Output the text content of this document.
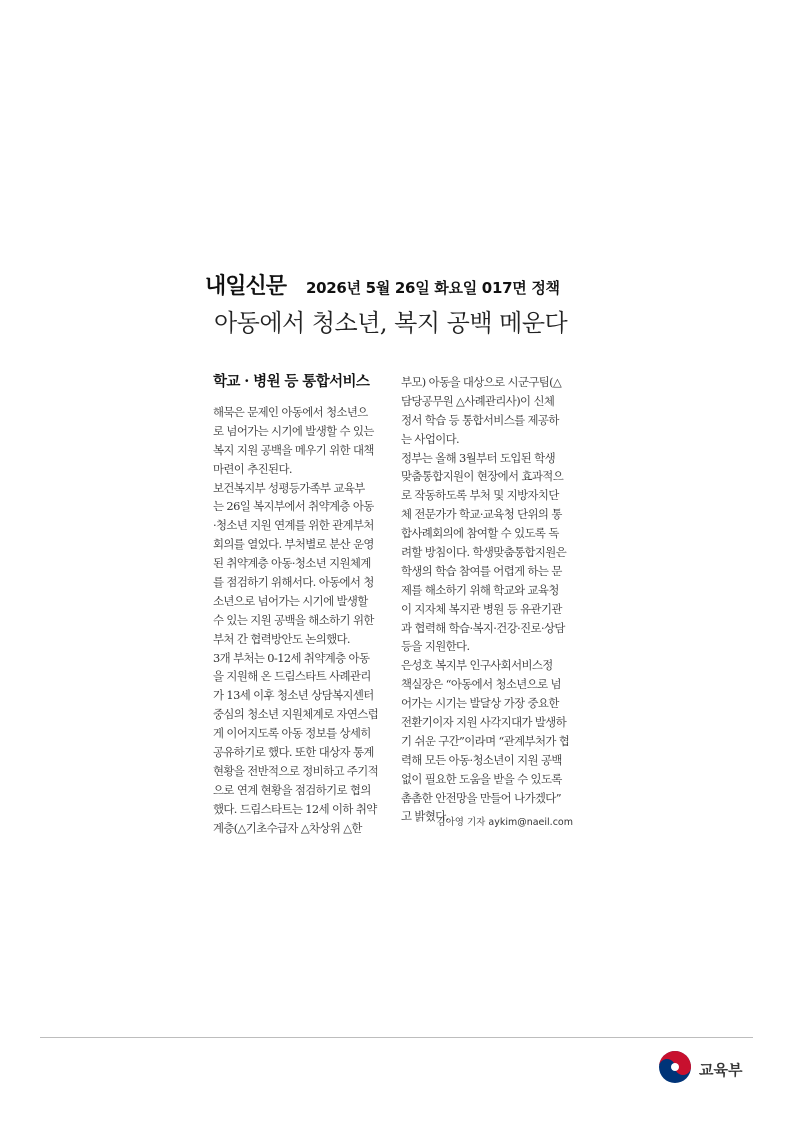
내일신문 2026년 5월 26일 화요일 017면 정책
아동에서 청소년, 복지 공백 메운다
학교 · 병원 등 통합서비스
해묵은 문제인 아동에서 청소년으
로 넘어가는 시기에 발생할 수 있는
복지 지원 공백을 메우기 위한 대책
마련이 추진된다.
보건복지부 성평등가족부 교육부
는 26일 복지부에서 취약계층 아동
·청소년 지원 연계를 위한 관계부처
회의를 열었다. 부처별로 분산 운영
된 취약계층 아동·청소년 지원체계
를 점검하기 위해서다. 아동에서 청
소년으로 넘어가는 시기에 발생할
수 있는 지원 공백을 해소하기 위한
부처 간 협력방안도 논의했다.
3개 부처는 0-12세 취약계층 아동
을 지원해 온 드림스타트 사례관리
가 13세 이후 청소년 상담복지센터
중심의 청소년 지원체계로 자연스럽
게 이어지도록 아동 정보를 상세히
공유하기로 했다. 또한 대상자 통계
현황을 전반적으로 정비하고 주기적
으로 연계 현황을 점검하기로 협의
했다. 드림스타트는 12세 이하 취약
계층(△기초수급자 △차상위 △한
부모) 아동을 대상으로 시군구팀(△
담당공무원 △사례관리사)이 신체
정서 학습 등 통합서비스를 제공하
는 사업이다.
정부는 올해 3월부터 도입된 학생
맞춤통합지원이 현장에서 효과적으
로 작동하도록 부처 및 지방자치단
체 전문가가 학교·교육청 단위의 통
합사례회의에 참여할 수 있도록 독
려할 방침이다. 학생맞춤통합지원은
학생의 학습 참여를 어렵게 하는 문
제를 해소하기 위해 학교와 교육청
이 지자체 복지관 병원 등 유관기관
과 협력해 학습·복지·건강·진로·상담
등을 지원한다.
은성호 복지부 인구사회서비스정
책실장은 “아동에서 청소년으로 넘
어가는 시기는 발달상 가장 중요한
전환기이자 지원 사각지대가 발생하
기 쉬운 구간”이라며 “관계부처가 협
력해 모든 아동·청소년이 지원 공백
없이 필요한 도움을 받을 수 있도록
촘촘한 안전망을 만들어 나가겠다”
고 밝혔다.
김아영 기자 aykim@naeil.com
교육부
